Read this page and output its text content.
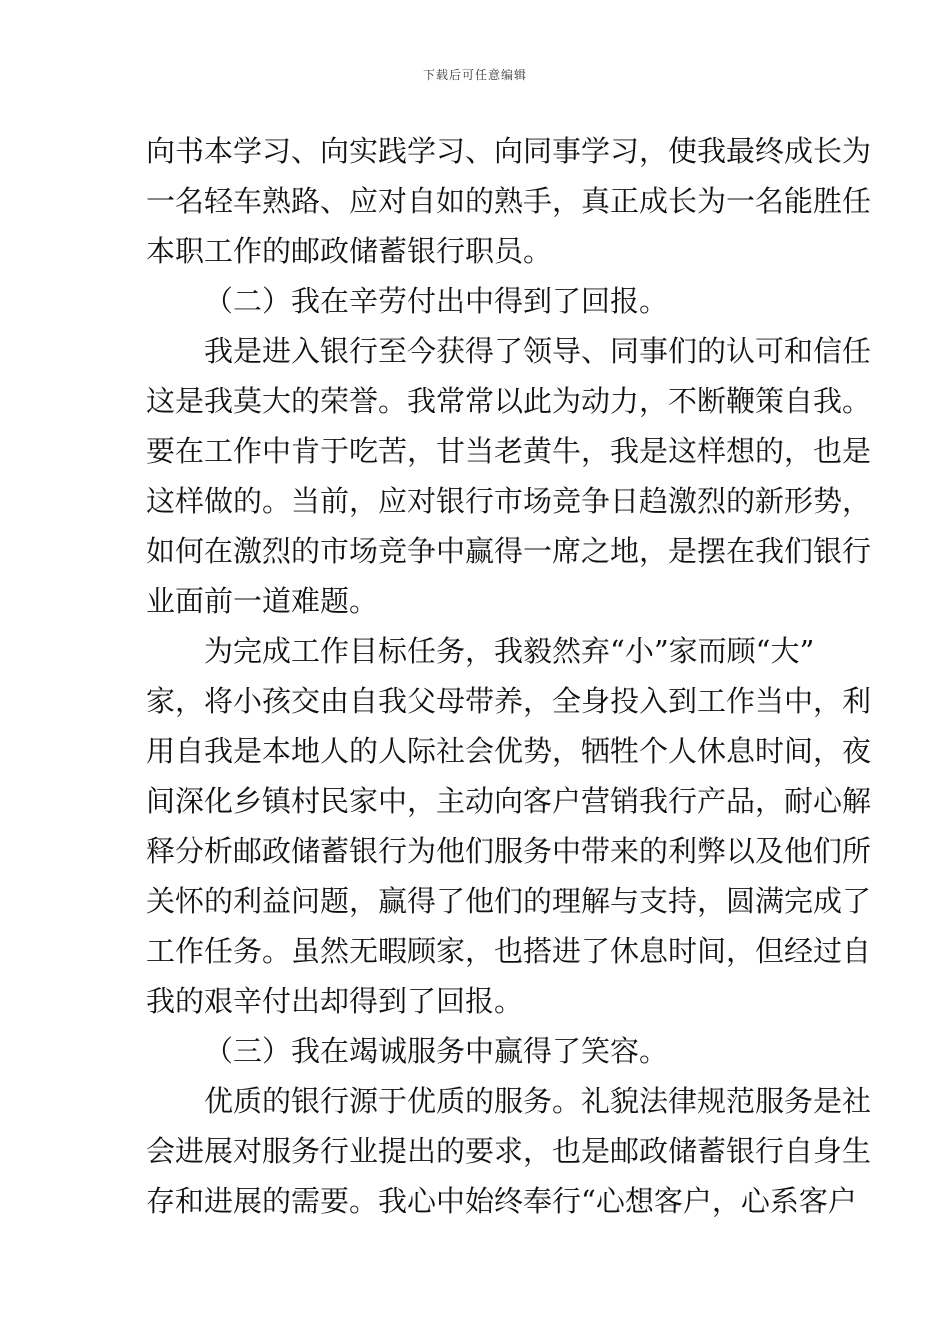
下载后可任意编辑
向书本学习、向实践学习、向同事学习，使我最终成长为
一名轻车熟路、应对自如的熟手，真正成长为一名能胜任
本职工作的邮政储蓄银行职员。
（二）我在辛劳付出中得到了回报。
我是进入银行至今获得了领导、同事们的认可和信任
这是我莫大的荣誉。我常常以此为动力，不断鞭策自我。
要在工作中肯于吃苦，甘当老黄牛，我是这样想的，也是
这样做的。当前，应对银行市场竞争日趋激烈的新形势，
如何在激烈的市场竞争中赢得一席之地，是摆在我们银行
业面前一道难题。
为完成工作目标任务，我毅然弃“小”家而顾“大”
家，将小孩交由自我父母带养，全身投入到工作当中，利
用自我是本地人的人际社会优势，牺牲个人休息时间，夜
间深化乡镇村民家中，主动向客户营销我行产品，耐心解
释分析邮政储蓄银行为他们服务中带来的利弊以及他们所
关怀的利益问题，赢得了他们的理解与支持，圆满完成了
工作任务。虽然无暇顾家，也搭进了休息时间，但经过自
我的艰辛付出却得到了回报。
（三）我在竭诚服务中赢得了笑容。
优质的银行源于优质的服务。礼貌法律规范服务是社
会进展对服务行业提出的要求，也是邮政储蓄银行自身生
存和进展的需要。我心中始终奉行“心想客户，心系客户
